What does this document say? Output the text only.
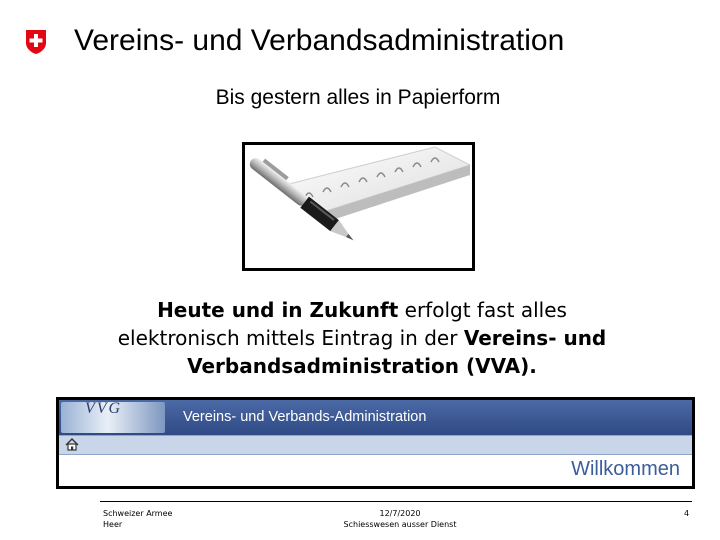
Vereins- und Verbandsadministration
Bis gestern alles in Papierform
Heute und in Zukunft erfolgt fast alles
elektronisch mittels Eintrag in der Vereins- und
Verbandsadministration (VVA).
VVG	Vereins- und Verbands-Administration
Willkommen
Schweizer Armee
Heer
12/7/2020
Schiesswesen ausser Dienst
4
